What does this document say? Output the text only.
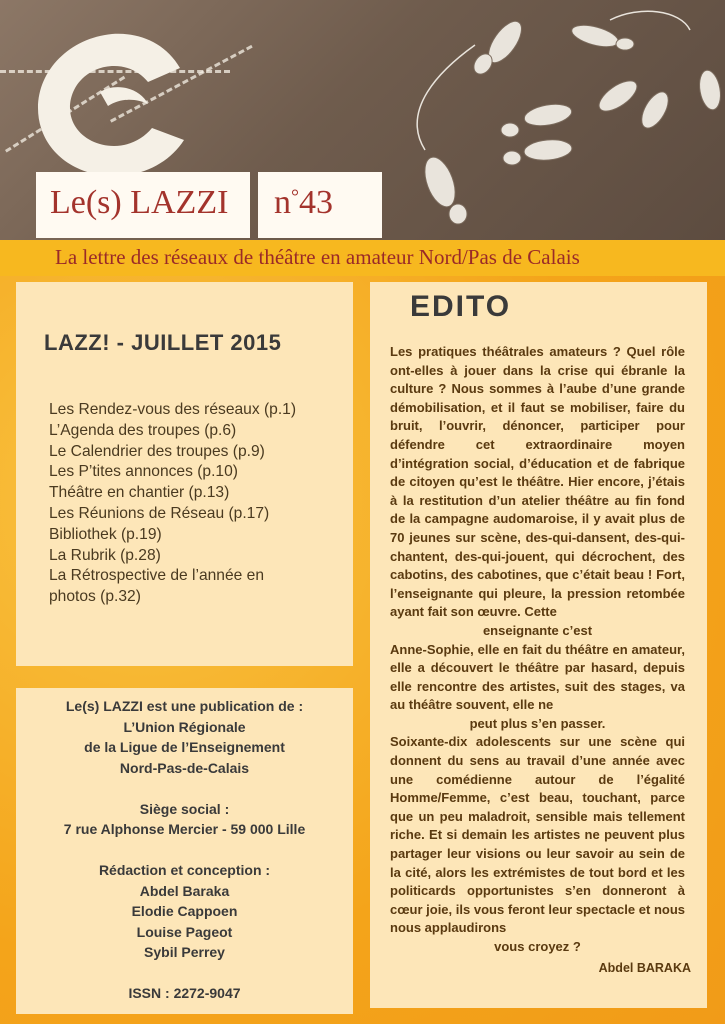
Le(s) LAZZI n°43
La lettre des réseaux de théâtre en amateur Nord/Pas de Calais
LAZZ! - JUILLET 2015
Les Rendez-vous des réseaux (p.1)
L’Agenda des troupes (p.6)
Le Calendrier des troupes (p.9)
Les P’tites annonces (p.10)
Théâtre en chantier (p.13)
Les Réunions de Réseau (p.17)
Bibliothek (p.19)
La Rubrik (p.28)
La Rétrospective de l’année en
photos (p.32)
Le(s) LAZZI est une publication de :
L’Union Régionale
de la Ligue de l’Enseignement
Nord-Pas-de-Calais
Siège social :
7 rue Alphonse Mercier - 59 000 Lille
Rédaction et conception :
Abdel Baraka
Elodie Cappoen
Louise Pageot
Sybil Perrey
ISSN : 2272-9047
EDITO

Les pratiques théâtrales amateurs ? Quel rôle ont-elles à jouer dans la crise qui ébranle la culture ? Nous sommes à l’aube d’une grande démobilisation, et il faut se mobiliser, faire du bruit, l’ouvrir, dénoncer, participer pour défendre cet extraordinaire moyen d’intégration social, d’éducation et de fabrique de citoyen qu’est le théâtre. Hier encore, j’étais à la restitution d’un atelier théâtre au fin fond de la campagne audomaroise, il y avait plus de 70 jeunes sur scène, des-qui-dansent, des-qui-chantent, des-qui-jouent, qui décrochent, des cabotins, des cabotines, que c’était beau ! Fort, l’enseignante qui pleure, la pression retombée ayant fait son œuvre. Cette

enseignante c’est

Anne-Sophie, elle en fait du théâtre en amateur, elle a découvert le théâtre par hasard, depuis elle rencontre des artistes, suit des stages, va au théâtre souvent, elle ne

peut plus s’en passer.

Soixante-dix adolescents sur une scène qui donnent du sens au travail d’une année avec une comédienne autour de l’égalité Homme/Femme, c’est beau, touchant, parce que un peu maladroit, sensible mais tellement riche. Et si demain les artistes ne peuvent plus partager leur visions ou leur savoir au sein de la cité, alors les extrémistes de tout bord et les politicards opportunistes s’en donneront à cœur joie, ils vous feront leur spectacle et nous nous applaudirons

vous croyez ?

Abdel BARAKA
